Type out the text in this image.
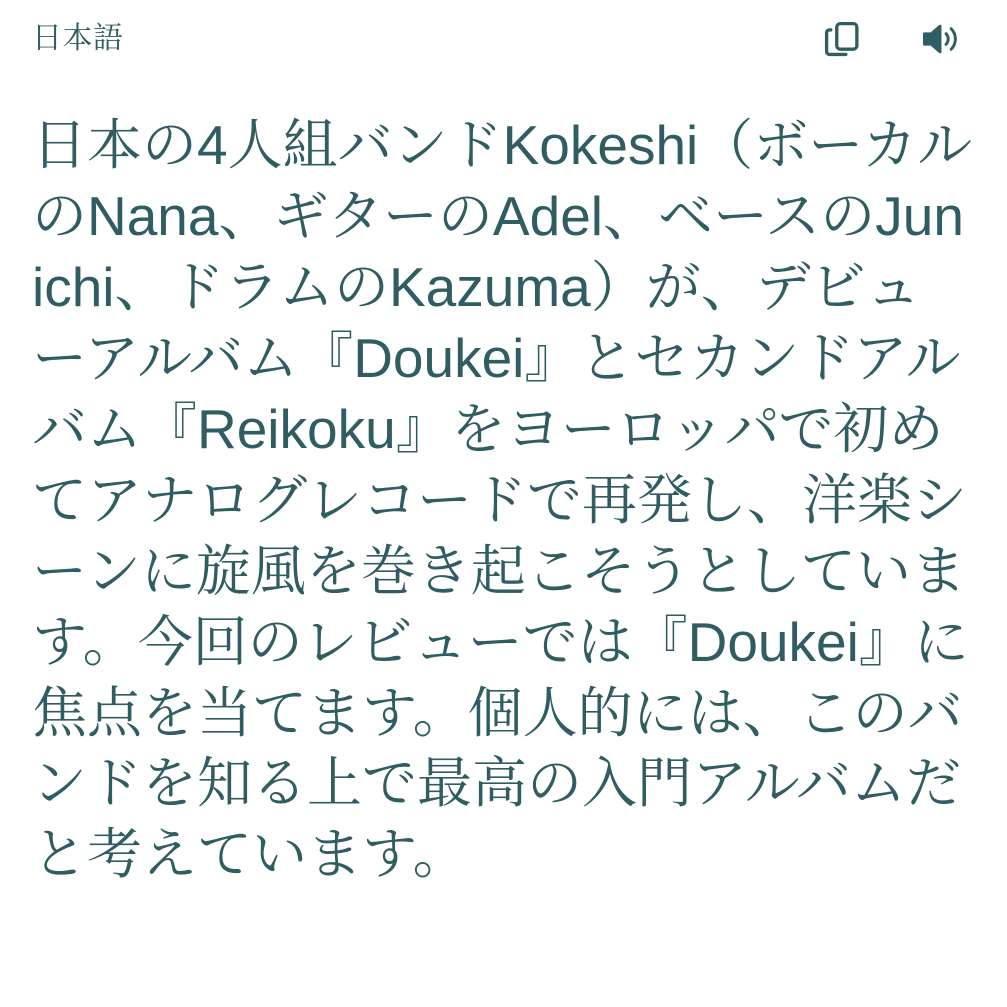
日本語
日本の4人組バンドKokeshi（ボーカルのNana、ギターのAdel、ベースのJunichi、ドラムのKazuma）が、デビューアルバム『Doukei』とセカンドアルバム『Reikoku』をヨーロッパで初めてアナログレコードで再発し、洋楽シーンに旋風を巻き起こそうとしています。今回のレビューでは『Doukei』に焦点を当てます。個人的には、このバンドを知る上で最高の入門アルバムだと考えています。
